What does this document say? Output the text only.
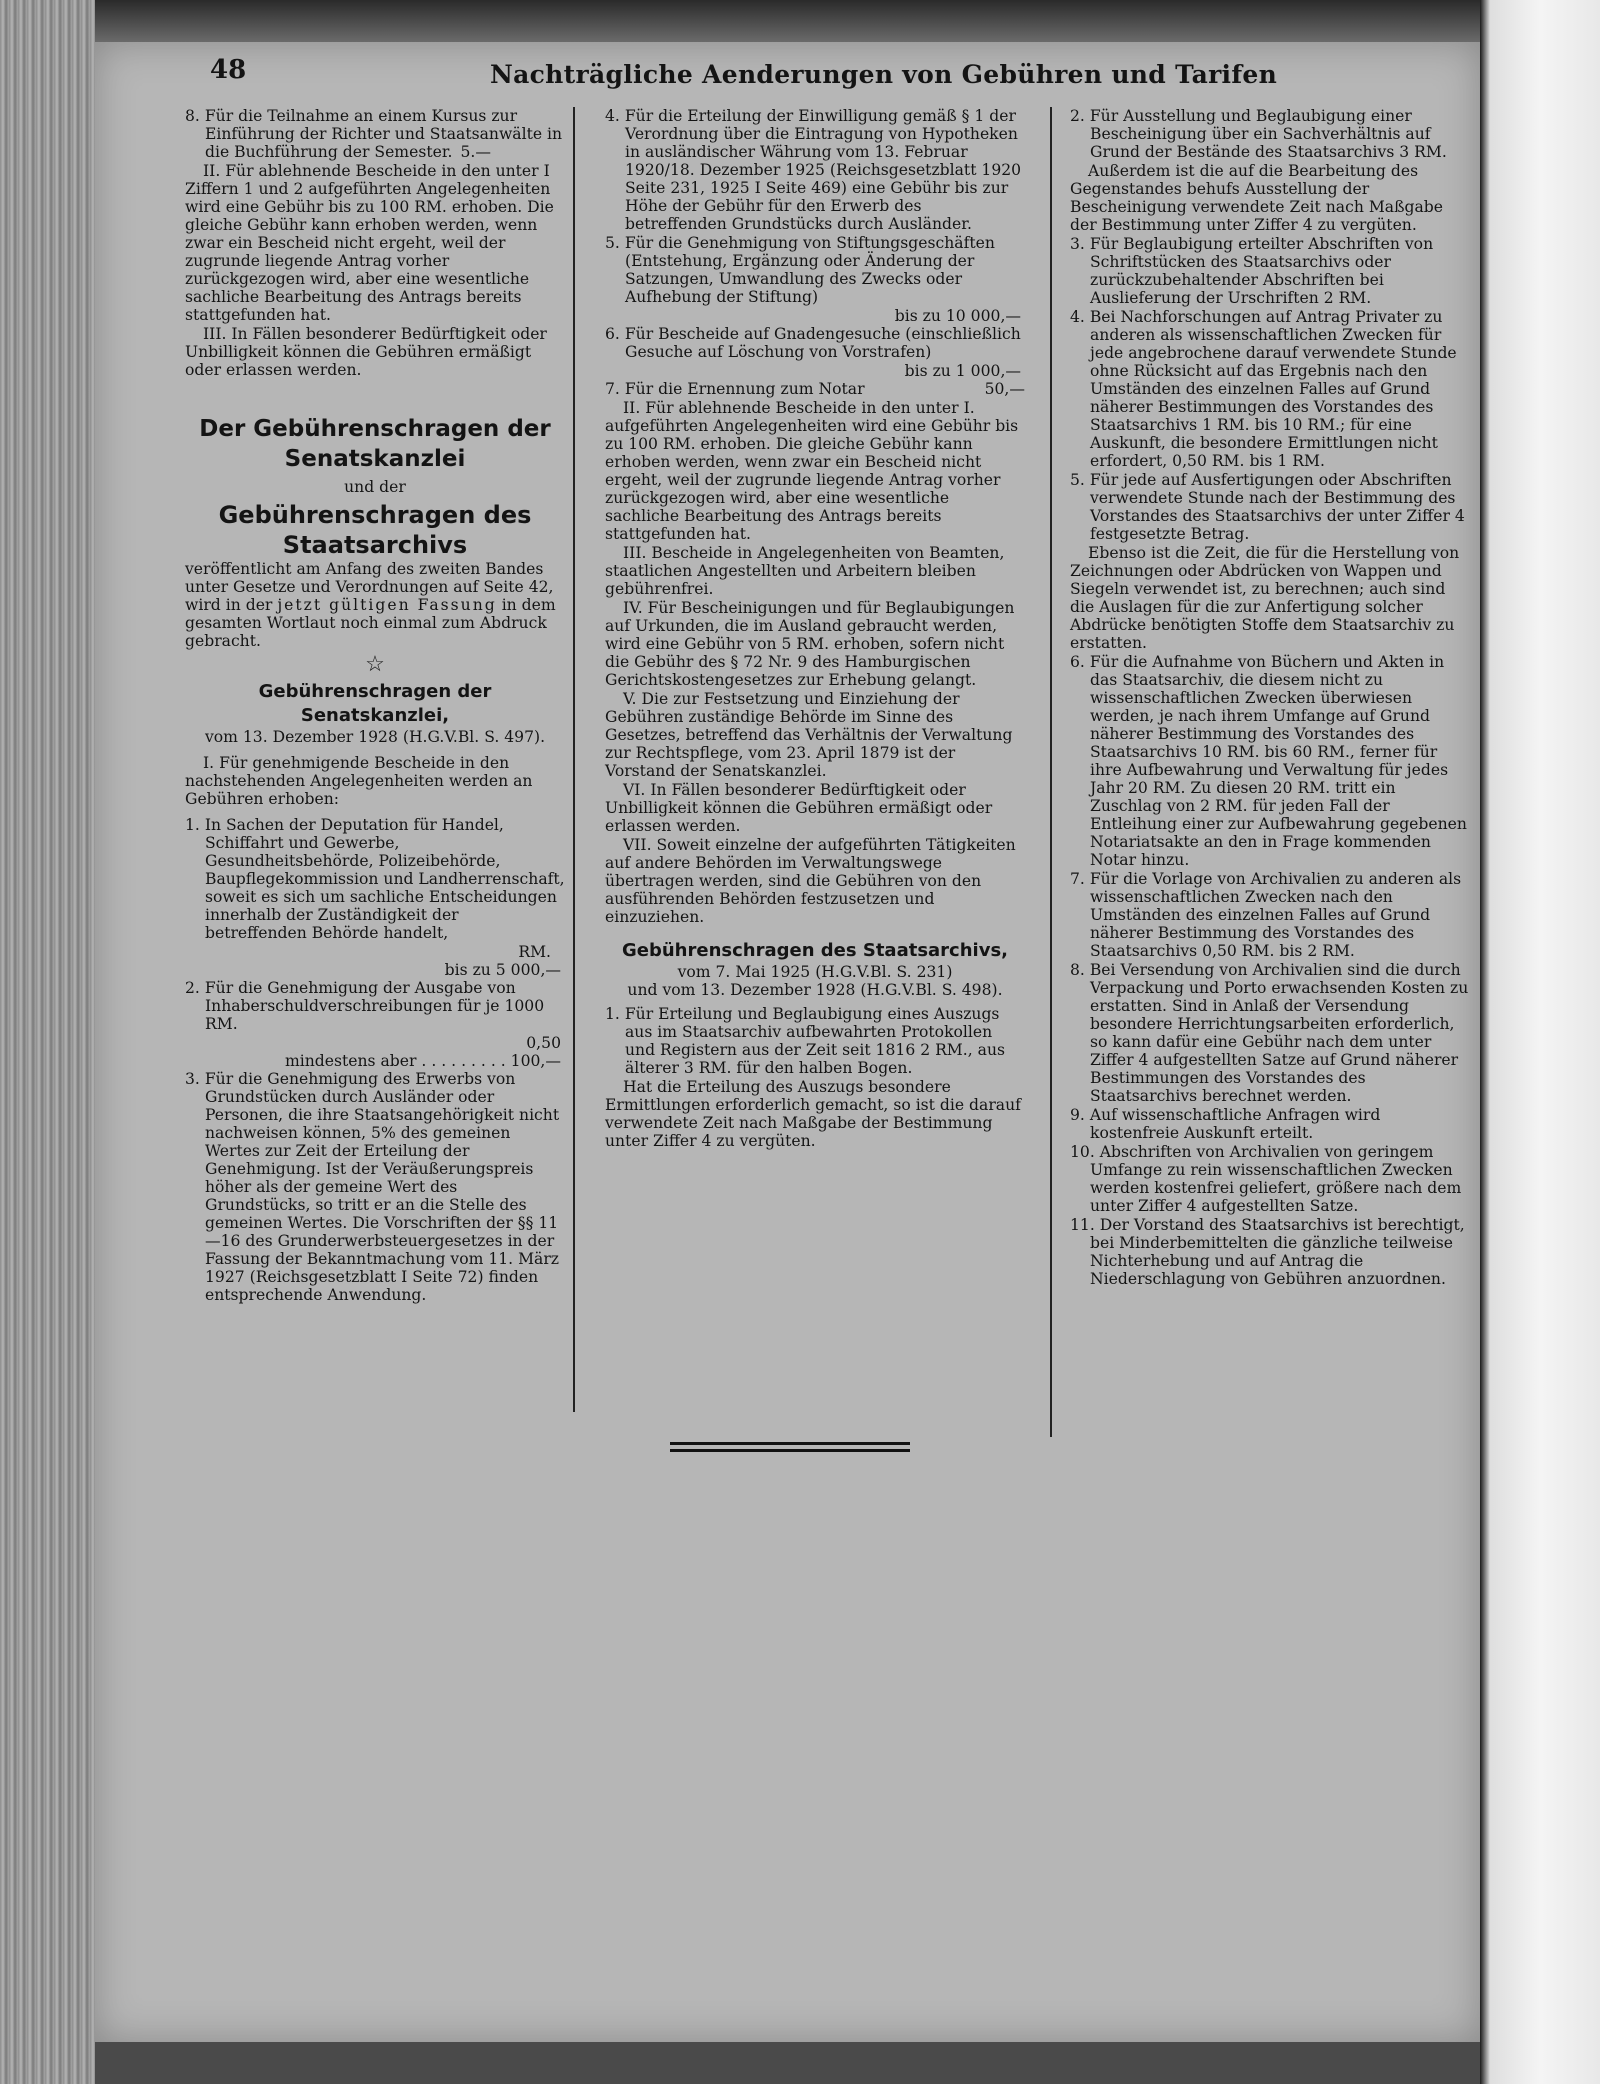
48	Nachträgliche Aenderungen von Gebühren und Tarifen

8. Für die Teilnahme an einem Kursus zur Einführung der Richter und Staatsanwälte in die Buchführung der Semester. 5.—

II. Für ablehnende Bescheide in den unter I Ziffern 1 und 2 aufgeführten Angelegenheiten wird eine Gebühr bis zu 100 RM. erhoben. Die gleiche Gebühr kann erhoben werden, wenn zwar ein Bescheid nicht ergeht, weil der zugrunde liegende Antrag vorher zurückgezogen wird, aber eine wesentliche sachliche Bearbeitung des Antrags bereits stattgefunden hat.

III. In Fällen besonderer Bedürftigkeit oder Unbilligkeit können die Gebühren ermäßigt oder erlassen werden.

Der Gebührenschragen der Senatskanzlei

und der

Gebührenschragen des Staatsarchivs

veröffentlicht am Anfang des zweiten Bandes unter Gesetze und Verordnungen auf Seite 42, wird in der jetzt gültigen Fassung in dem gesamten Wortlaut noch einmal zum Abdruck gebracht.

☆

Gebührenschragen der Senatskanzlei,

vom 13. Dezember 1928 (H.G.V.Bl. S. 497).

I. Für genehmigende Bescheide in den nachstehenden Angelegenheiten werden an Gebühren erhoben:

1. In Sachen der Deputation für Handel, Schiffahrt und Gewerbe, Gesundheitsbehörde, Polizeibehörde, Baupflegekommission und Landherrenschaft, soweit es sich um sachliche Entscheidungen innerhalb der Zuständigkeit der betreffenden Behörde handelt,

RM.

bis zu 5 000,—

2. Für die Genehmigung der Ausgabe von Inhaberschuldverschreibungen für je 1000 RM.

0,50

mindestens aber . . . . . . . . . 100,—

3. Für die Genehmigung des Erwerbs von Grundstücken durch Ausländer oder Personen, die ihre Staatsangehörigkeit nicht nachweisen können, 5% des gemeinen Wertes zur Zeit der Erteilung der Genehmigung. Ist der Veräußerungspreis höher als der gemeine Wert des Grundstücks, so tritt er an die Stelle des gemeinen Wertes. Die Vorschriften der §§ 11—16 des Grunderwerbsteuergesetzes in der Fassung der Bekanntmachung vom 11. März 1927 (Reichsgesetzblatt I Seite 72) finden entsprechende Anwendung.

4. Für die Erteilung der Einwilligung gemäß § 1 der Verordnung über die Eintragung von Hypotheken in ausländischer Währung vom 13. Februar 1920/18. Dezember 1925 (Reichsgesetzblatt 1920 Seite 231, 1925 I Seite 469) eine Gebühr bis zur Höhe der Gebühr für den Erwerb des betreffenden Grundstücks durch Ausländer.

5. Für die Genehmigung von Stiftungsgeschäften (Entstehung, Ergänzung oder Änderung der Satzungen, Umwandlung des Zwecks oder Aufhebung der Stiftung)

bis zu 10 000,—

6. Für Bescheide auf Gnadengesuche (einschließlich Gesuche auf Löschung von Vorstrafen)

bis zu 1 000,—

7. Für die Ernennung zum Notar	50,—

II. Für ablehnende Bescheide in den unter I. aufgeführten Angelegenheiten wird eine Gebühr bis zu 100 RM. erhoben. Die gleiche Gebühr kann erhoben werden, wenn zwar ein Bescheid nicht ergeht, weil der zugrunde liegende Antrag vorher zurückgezogen wird, aber eine wesentliche sachliche Bearbeitung des Antrags bereits stattgefunden hat.

III. Bescheide in Angelegenheiten von Beamten, staatlichen Angestellten und Arbeitern bleiben gebührenfrei.

IV. Für Bescheinigungen und für Beglaubigungen auf Urkunden, die im Ausland gebraucht werden, wird eine Gebühr von 5 RM. erhoben, sofern nicht die Gebühr des § 72 Nr. 9 des Hamburgischen Gerichtskostengesetzes zur Erhebung gelangt.

V. Die zur Festsetzung und Einziehung der Gebühren zuständige Behörde im Sinne des Gesetzes, betreffend das Verhältnis der Verwaltung zur Rechtspflege, vom 23. April 1879 ist der Vorstand der Senatskanzlei.

VI. In Fällen besonderer Bedürftigkeit oder Unbilligkeit können die Gebühren ermäßigt oder erlassen werden.

VII. Soweit einzelne der aufgeführten Tätigkeiten auf andere Behörden im Verwaltungswege übertragen werden, sind die Gebühren von den ausführenden Behörden festzusetzen und einzuziehen.

Gebührenschragen des Staatsarchivs,

vom 7. Mai 1925 (H.G.V.Bl. S. 231)

und vom 13. Dezember 1928 (H.G.V.Bl. S. 498).

1. Für Erteilung und Beglaubigung eines Auszugs aus im Staatsarchiv aufbewahrten Protokollen und Registern aus der Zeit seit 1816 2 RM., aus älterer 3 RM. für den halben Bogen.

Hat die Erteilung des Auszugs besondere Ermittlungen erforderlich gemacht, so ist die darauf verwendete Zeit nach Maßgabe der Bestimmung unter Ziffer 4 zu vergüten.

2. Für Ausstellung und Beglaubigung einer Bescheinigung über ein Sachverhältnis auf Grund der Bestände des Staatsarchivs 3 RM.

Außerdem ist die auf die Bearbeitung des Gegenstandes behufs Ausstellung der Bescheinigung verwendete Zeit nach Maßgabe der Bestimmung unter Ziffer 4 zu vergüten.

3. Für Beglaubigung erteilter Abschriften von Schriftstücken des Staatsarchivs oder zurückzubehaltender Abschriften bei Auslieferung der Urschriften 2 RM.

4. Bei Nachforschungen auf Antrag Privater zu anderen als wissenschaftlichen Zwecken für jede angebrochene darauf verwendete Stunde ohne Rücksicht auf das Ergebnis nach den Umständen des einzelnen Falles auf Grund näherer Bestimmungen des Vorstandes des Staatsarchivs 1 RM. bis 10 RM.; für eine Auskunft, die besondere Ermittlungen nicht erfordert, 0,50 RM. bis 1 RM.

5. Für jede auf Ausfertigungen oder Abschriften verwendete Stunde nach der Bestimmung des Vorstandes des Staatsarchivs der unter Ziffer 4 festgesetzte Betrag.

Ebenso ist die Zeit, die für die Herstellung von Zeichnungen oder Abdrücken von Wappen und Siegeln verwendet ist, zu berechnen; auch sind die Auslagen für die zur Anfertigung solcher Abdrücke benötigten Stoffe dem Staatsarchiv zu erstatten.

6. Für die Aufnahme von Büchern und Akten in das Staatsarchiv, die diesem nicht zu wissenschaftlichen Zwecken überwiesen werden, je nach ihrem Umfange auf Grund näherer Bestimmung des Vorstandes des Staatsarchivs 10 RM. bis 60 RM., ferner für ihre Aufbewahrung und Verwaltung für jedes Jahr 20 RM. Zu diesen 20 RM. tritt ein Zuschlag von 2 RM. für jeden Fall der Entleihung einer zur Aufbewahrung gegebenen Notariatsakte an den in Frage kommenden Notar hinzu.

7. Für die Vorlage von Archivalien zu anderen als wissenschaftlichen Zwecken nach den Umständen des einzelnen Falles auf Grund näherer Bestimmung des Vorstandes des Staatsarchivs 0,50 RM. bis 2 RM.

8. Bei Versendung von Archivalien sind die durch Verpackung und Porto erwachsenden Kosten zu erstatten. Sind in Anlaß der Versendung besondere Herrichtungsarbeiten erforderlich, so kann dafür eine Gebühr nach dem unter Ziffer 4 aufgestellten Satze auf Grund näherer Bestimmungen des Vorstandes des Staatsarchivs berechnet werden.

9. Auf wissenschaftliche Anfragen wird kostenfreie Auskunft erteilt.

10. Abschriften von Archivalien von geringem Umfange zu rein wissenschaftlichen Zwecken werden kostenfrei geliefert, größere nach dem unter Ziffer 4 aufgestellten Satze.

11. Der Vorstand des Staatsarchivs ist berechtigt, bei Minderbemittelten die gänzliche teilweise Nichterhebung und auf Antrag die Niederschlagung von Gebühren anzuordnen.
